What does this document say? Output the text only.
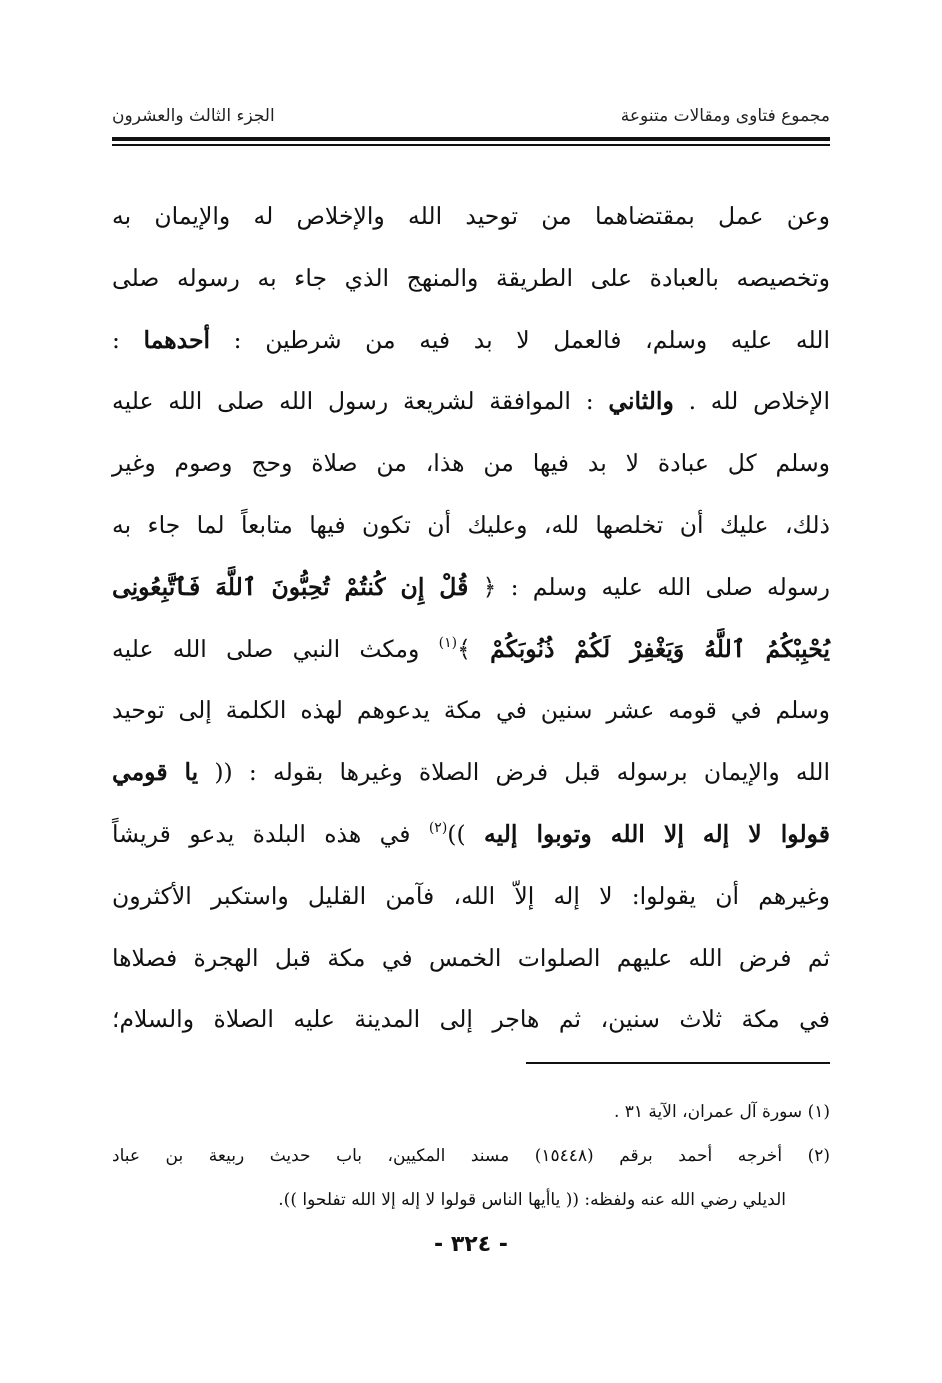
مجموع فتاوى ومقالات متنوعة
الجزء الثالث والعشرون

وعن عمل بمقتضاهما من توحيد الله والإخلاص له والإيمان به

وتخصيصه بالعبادة على الطريقة والمنهج الذي جاء به رسوله صلى

الله عليه وسلم، فالعمل لا بد فيه من شرطين : أحدهما :

الإخلاص لله . والثاني : الموافقة لشريعة رسول الله صلى الله عليه

وسلم كل عبادة لا بد فيها من هذا، من صلاة وحج وصوم وغير

ذلك، عليك أن تخلصها لله، وعليك أن تكون فيها متابعاً لما جاء به

رسوله صلى الله عليه وسلم : ﴿ قُلْ إِن كُنتُمْ تُحِبُّونَ ٱللَّهَ فَٱتَّبِعُونِى

يُحْبِبْكُمُ ٱللَّهُ وَيَغْفِرْ لَكُمْ ذُنُوبَكُمْ ﴾$^{(١)}$ ومكث النبي صلى الله عليه

وسلم في قومه عشر سنين في مكة يدعوهم لهذه الكلمة إلى توحيد

الله والإيمان برسوله قبل فرض الصلاة وغيرها بقوله : (( يا قومي

قولوا لا إله إلا الله وتوبوا إليه ))$^{(٢)}$ في هذه البلدة يدعو قريشاً

وغيرهم أن يقولوا: لا إله إلاّ الله، فآمن القليل واستكبر الأكثرون

ثم فرض الله عليهم الصلوات الخمس في مكة قبل الهجرة فصلاها

في مكة ثلاث سنين، ثم هاجر إلى المدينة عليه الصلاة والسلام؛

(١) سورة آل عمران، الآية ٣١ .

(٢) أخرجه أحمد برقم (١٥٤٤٨) مسند المكيين، باب حديث ربيعة بن عباد

الديلي رضي الله عنه ولفظه: (( ياأيها الناس قولوا لا إله إلا الله تفلحوا )).

- ٣٢٤ -
